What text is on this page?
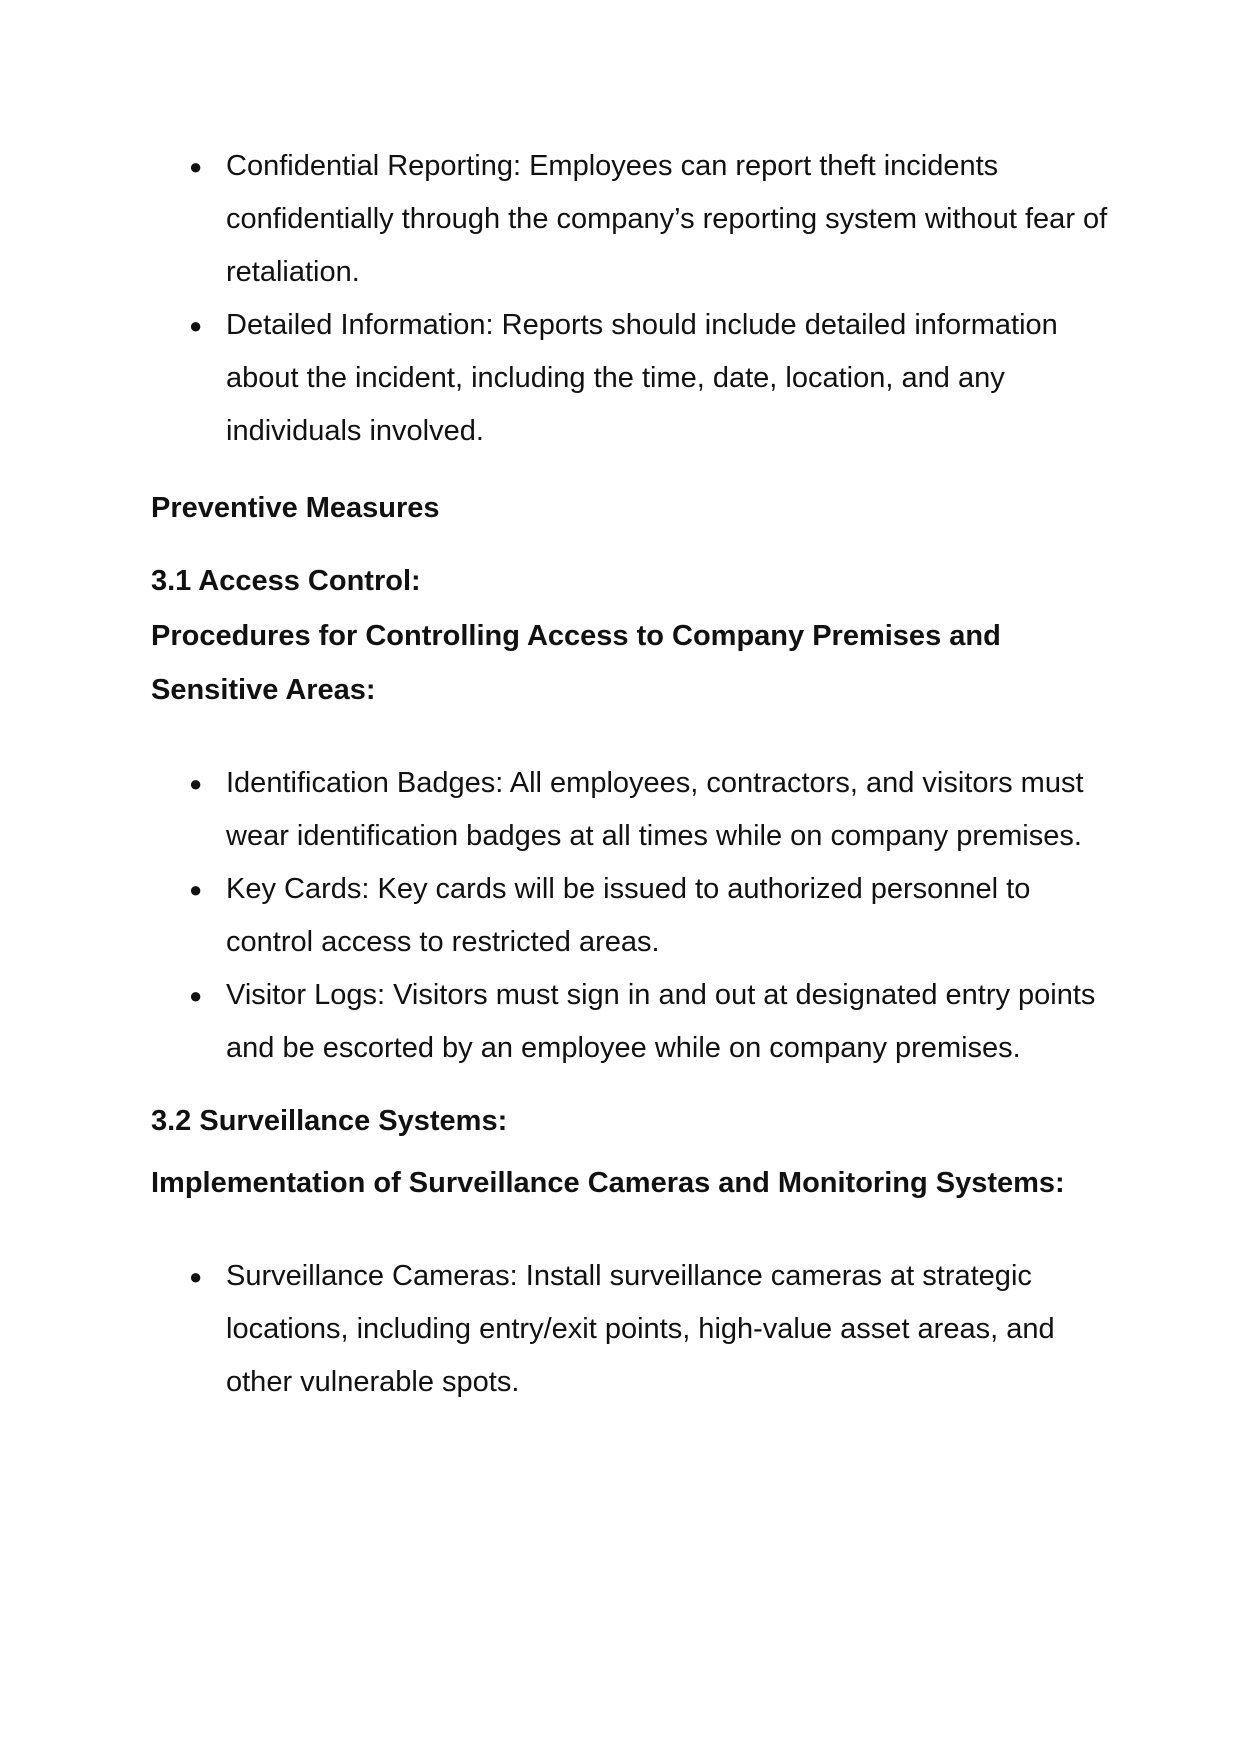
● Confidential Reporting: Employees can report theft incidents confidentially through the company’s reporting system without fear of retaliation.
● Detailed Information: Reports should include detailed information about the incident, including the time, date, location, and any individuals involved.
Preventive Measures
3.1 Access Control:

Procedures for Controlling Access to Company Premises and Sensitive Areas:

● Identification Badges: All employees, contractors, and visitors must wear identification badges at all times while on company premises.
● Key Cards: Key cards will be issued to authorized personnel to control access to restricted areas.
● Visitor Logs: Visitors must sign in and out at designated entry points and be escorted by an employee while on company premises.
3.2 Surveillance Systems:

Implementation of Surveillance Cameras and Monitoring Systems:

● Surveillance Cameras: Install surveillance cameras at strategic locations, including entry/exit points, high-value asset areas, and other vulnerable spots.
